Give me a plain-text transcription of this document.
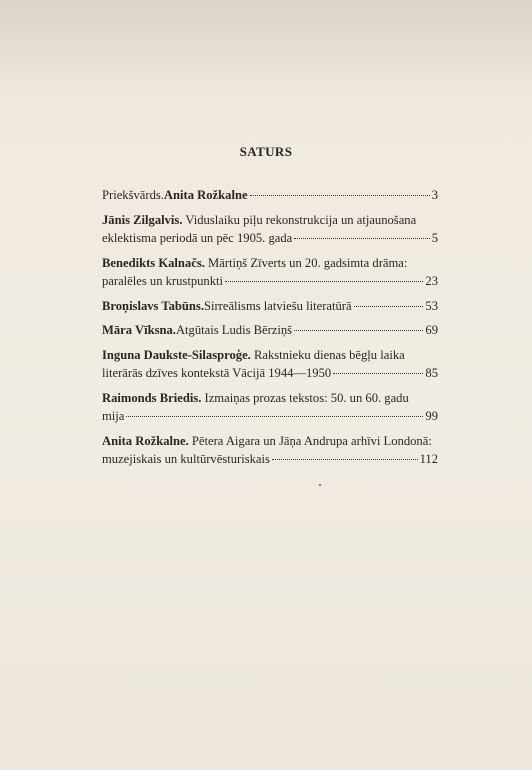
SATURS
Priekšvārds. Anita Rožkalne	3
Jānis Zilgalvis. Viduslaiku piļu rekonstrukcija un atjaunošana
eklektisma periodā un pēc 1905. gada	5
Benedikts Kalnačs. Mārtiņš Zīverts un 20. gadsimta drāma:
paralēles un krustpunkti	23
Broņislavs Tabūns. Sirreālisms latviešu literatūrā	53
Māra Vīksna. Atgūtais Ludis Bērziņš	69
Inguna Daukste-Silasproģe. Rakstnieku dienas bēgļu laika
literārās dzīves kontekstā Vācijā 1944—1950	85
Raimonds Briedis. Izmaiņas prozas tekstos: 50. un 60. gadu
mija	99
Anita Rožkalne. Pētera Aigara un Jāņa Andrupa arhīvi Londonā:
muzejiskais un kultūrvēsturiskais	112
